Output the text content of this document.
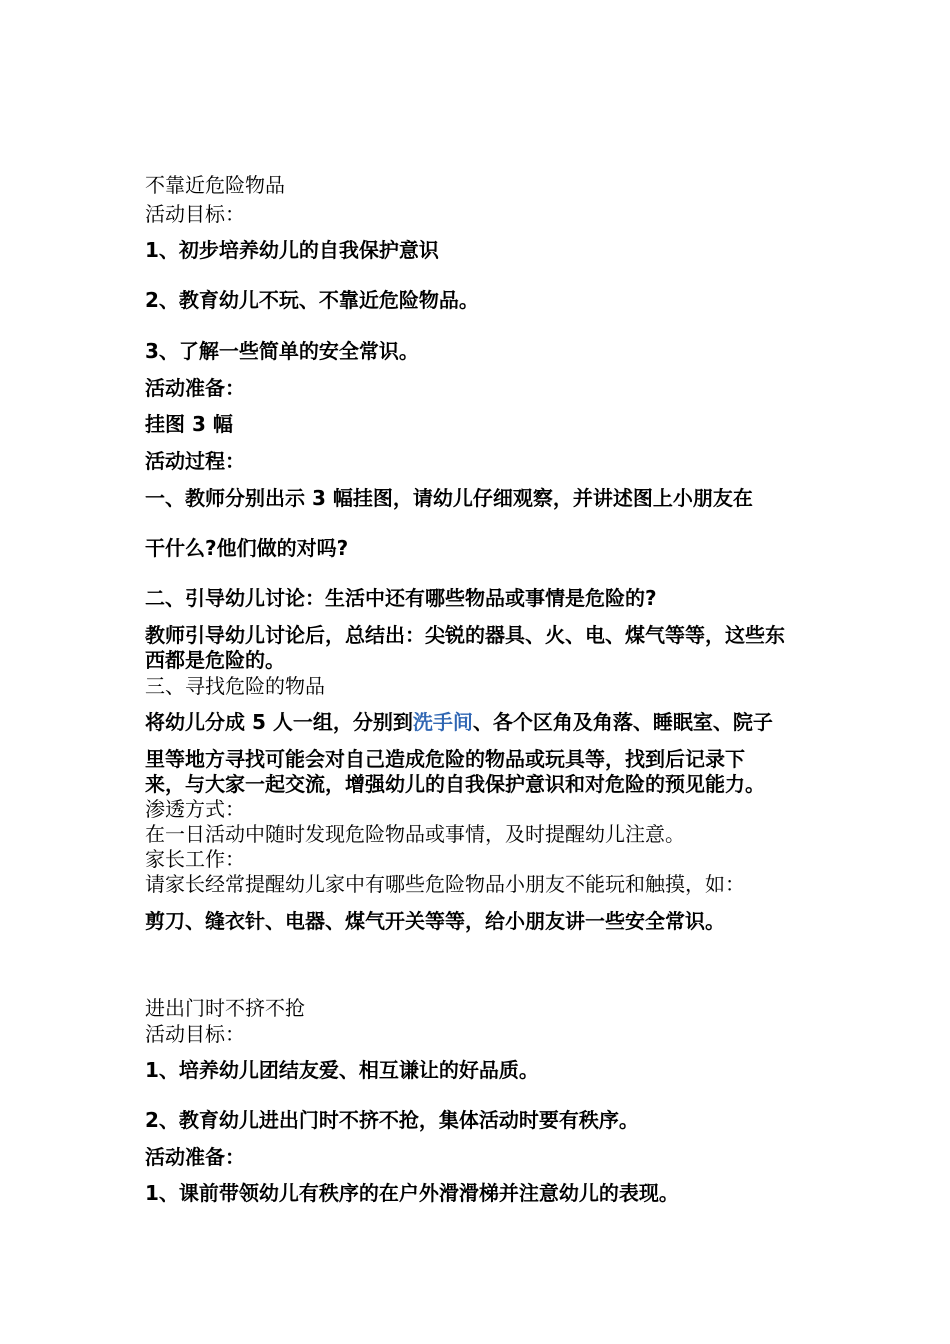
不靠近危险物品

活动目标：

1、初步培养幼儿的自我保护意识

2、教育幼儿不玩、不靠近危险物品。

3、了解一些简单的安全常识。

活动准备：

挂图 3 幅

活动过程：

一、教师分别出示 3 幅挂图，请幼儿仔细观察，并讲述图上小朋友在

干什么?他们做的对吗?

二、引导幼儿讨论：生活中还有哪些物品或事情是危险的?

教师引导幼儿讨论后，总结出：尖锐的器具、火、电、煤气等等，这些东

西都是危险的。

三、寻找危险的物品

将幼儿分成 5 人一组，分别到洗手间、各个区角及角落、睡眠室、院子

里等地方寻找可能会对自己造成危险的物品或玩具等，找到后记录下

来，与大家一起交流，增强幼儿的自我保护意识和对危险的预见能力。

渗透方式：

在一日活动中随时发现危险物品或事情，及时提醒幼儿注意。

家长工作：

请家长经常提醒幼儿家中有哪些危险物品小朋友不能玩和触摸，如：

剪刀、缝衣针、电器、煤气开关等等，给小朋友讲一些安全常识。

进出门时不挤不抢

活动目标：

1、培养幼儿团结友爱、相互谦让的好品质。

2、教育幼儿进出门时不挤不抢，集体活动时要有秩序。

活动准备：

1、课前带领幼儿有秩序的在户外滑滑梯并注意幼儿的表现。
